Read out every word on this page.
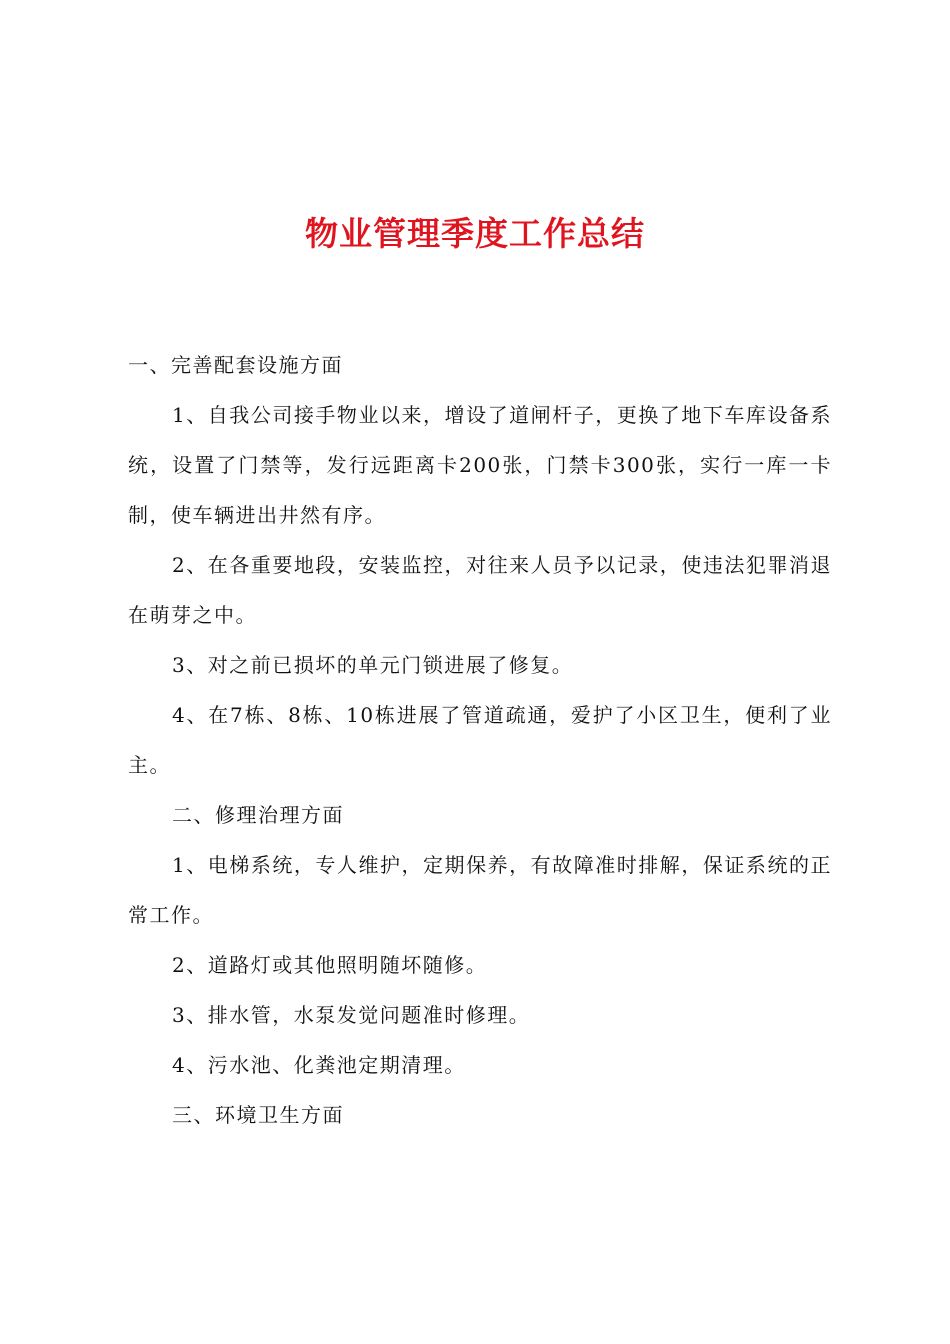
物业管理季度工作总结

一、完善配套设施方面

1、自我公司接手物业以来，增设了道闸杆子，更换了地下车库设备系统，设置了门禁等，发行远距离卡200张，门禁卡300张，实行一库一卡制，使车辆进出井然有序。

2、在各重要地段，安装监控，对往来人员予以记录，使违法犯罪消退在萌芽之中。

3、对之前已损坏的单元门锁进展了修复。

4、在7栋、8栋、10栋进展了管道疏通，爱护了小区卫生，便利了业主。

二、修理治理方面

1、电梯系统，专人维护，定期保养，有故障准时排解，保证系统的正常工作。

2、道路灯或其他照明随坏随修。

3、排水管，水泵发觉问题准时修理。

4、污水池、化粪池定期清理。

三、环境卫生方面
